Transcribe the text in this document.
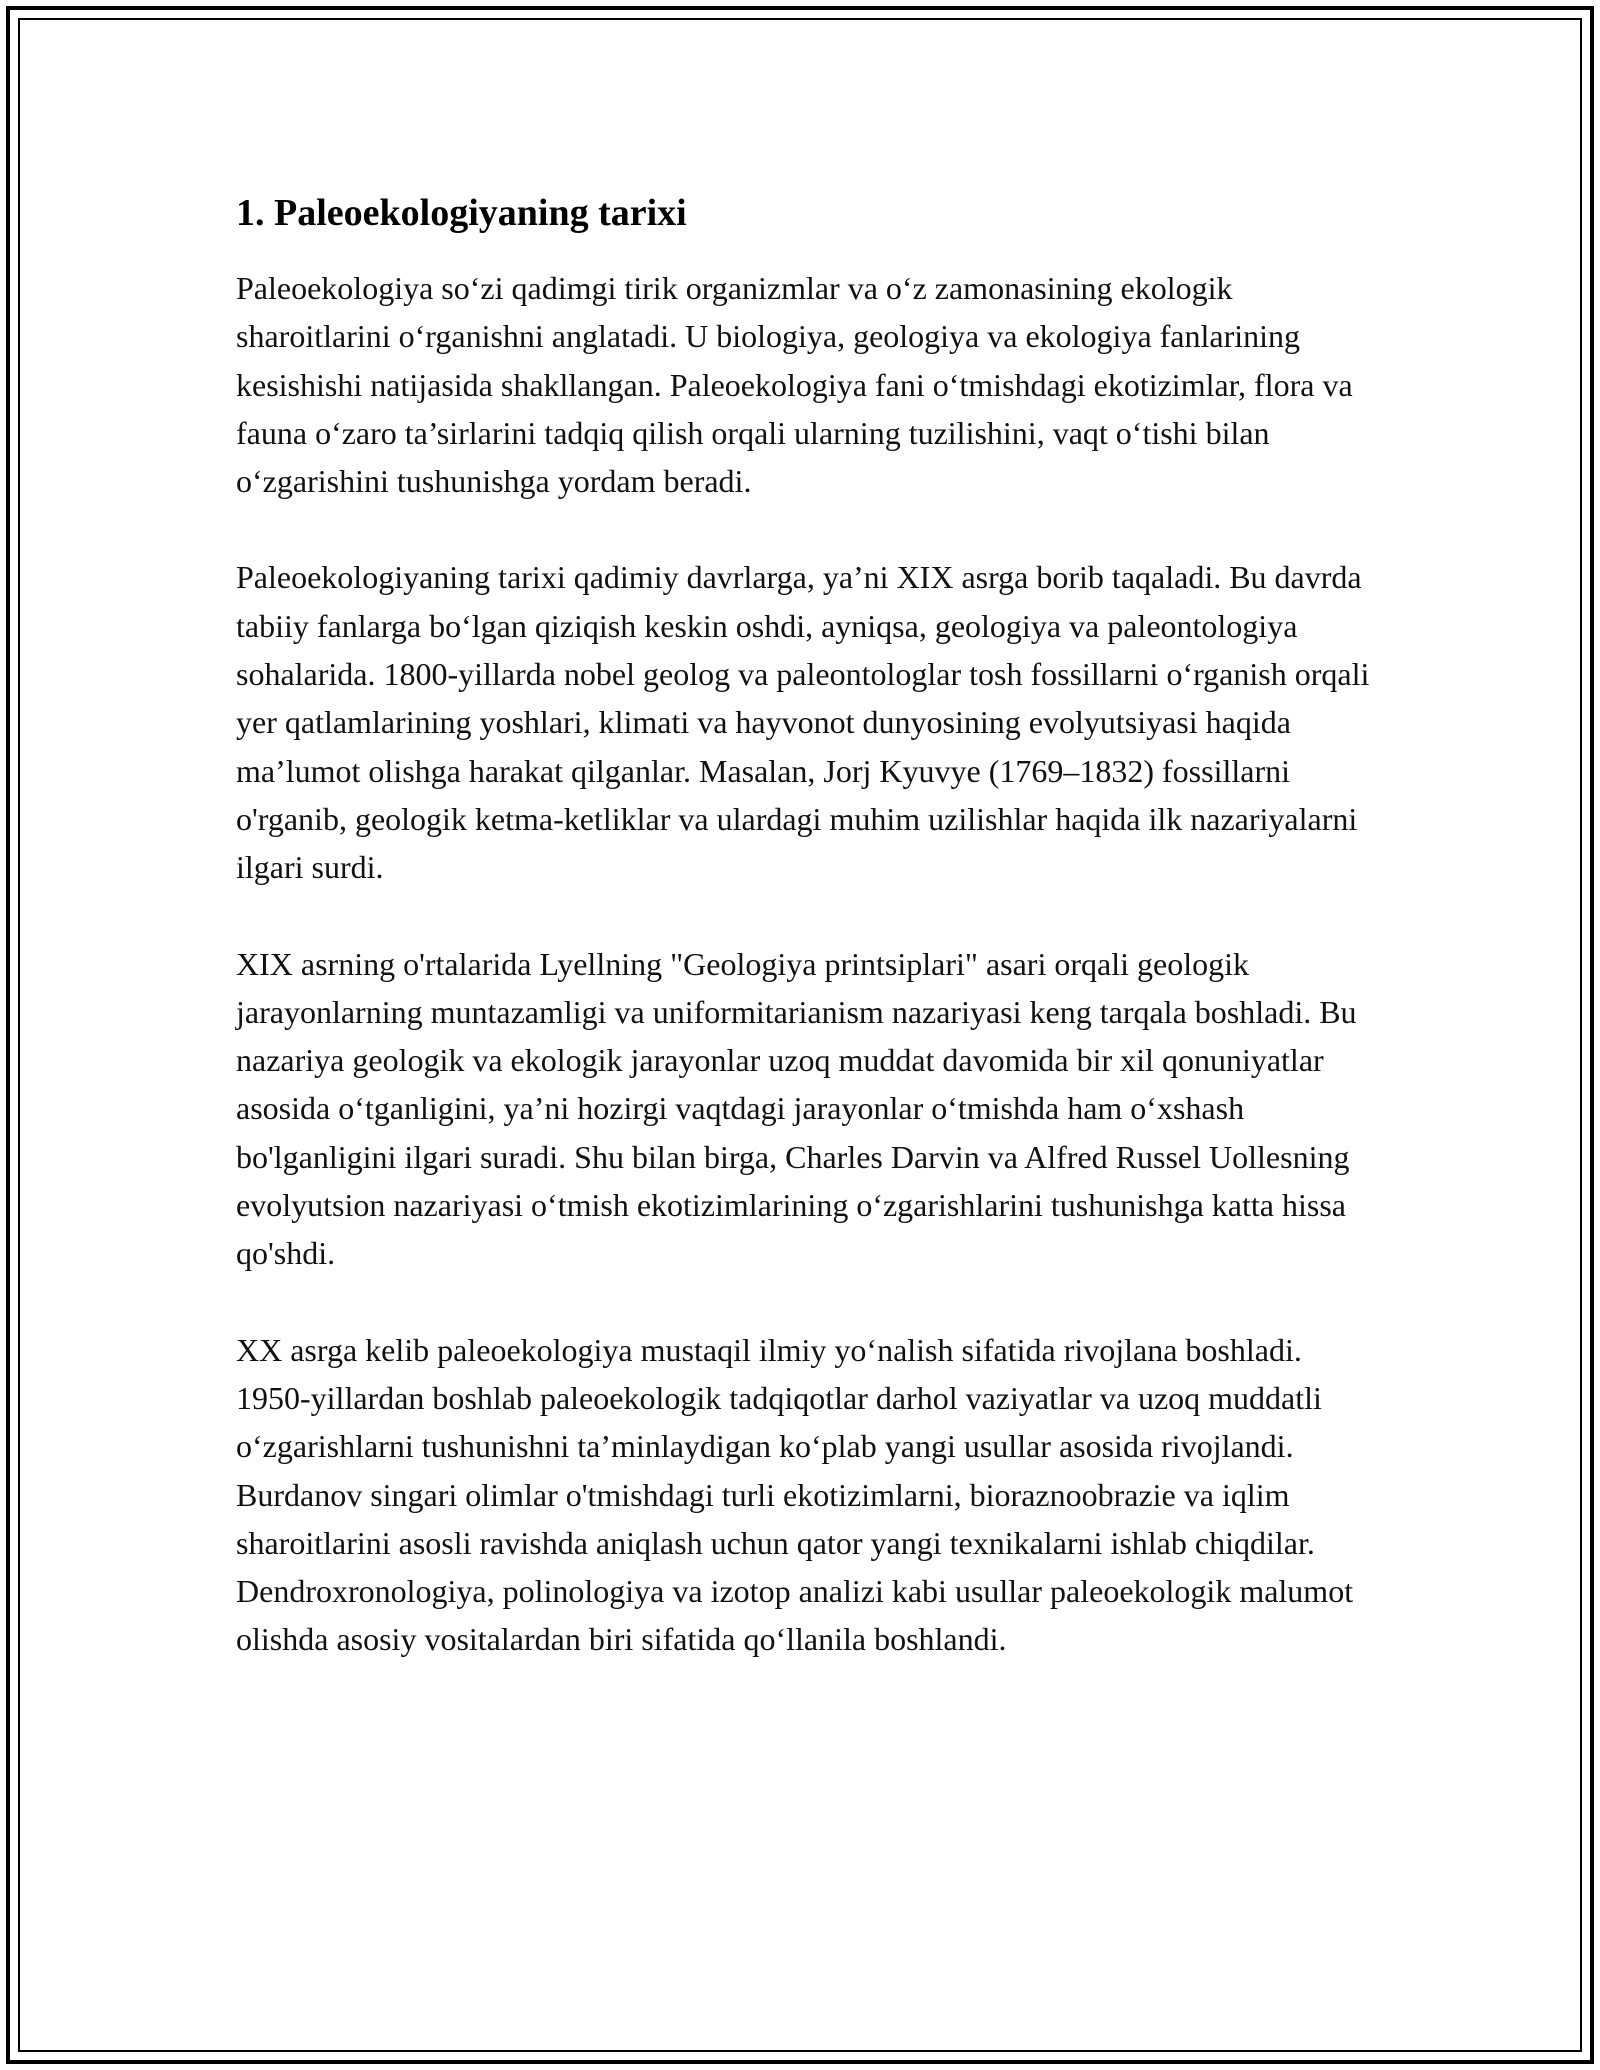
1. Paleoekologiyaning tarixi

Paleoekologiya so‘zi qadimgi tirik organizmlar va o‘z zamonasining ekologik sharoitlarini o‘rganishni anglatadi. U biologiya, geologiya va ekologiya fanlarining kesishishi natijasida shakllangan. Paleoekologiya fani o‘tmishdagi ekotizimlar, flora va fauna o‘zaro ta’sirlarini tadqiq qilish orqali ularning tuzilishini, vaqt o‘tishi bilan o‘zgarishini tushunishga yordam beradi.

Paleoekologiyaning tarixi qadimiy davrlarga, ya’ni XIX asrga borib taqaladi. Bu davrda tabiiy fanlarga bo‘lgan qiziqish keskin oshdi, ayniqsa, geologiya va paleontologiya sohalarida. 1800-yillarda nobel geolog va paleontologlar tosh fossillarni o‘rganish orqali yer qatlamlarining yoshlari, klimati va hayvonot dunyosining evolyutsiyasi haqida ma’lumot olishga harakat qilganlar. Masalan, Jorj Kyuvye (1769–1832) fossillarni o'rganib, geologik ketma-ketliklar va ulardagi muhim uzilishlar haqida ilk nazariyalarni ilgari surdi.

XIX asrning o'rtalarida Lyellning "Geologiya printsiplari" asari orqali geologik jarayonlarning muntazamligi va uniformitarianism nazariyasi keng tarqala boshladi. Bu nazariya geologik va ekologik jarayonlar uzoq muddat davomida bir xil qonuniyatlar asosida o‘tganligini, ya’ni hozirgi vaqtdagi jarayonlar o‘tmishda ham o‘xshash bo'lganligini ilgari suradi. Shu bilan birga, Charles Darvin va Alfred Russel Uollesning evolyutsion nazariyasi o‘tmish ekotizimlarining o‘zgarishlarini tushunishga katta hissa qo'shdi.

XX asrga kelib paleoekologiya mustaqil ilmiy yo‘nalish sifatida rivojlana boshladi. 1950-yillardan boshlab paleoekologik tadqiqotlar darhol vaziyatlar va uzoq muddatli o‘zgarishlarni tushunishni ta’minlaydigan ko‘plab yangi usullar asosida rivojlandi. Burdanov singari olimlar o'tmishdagi turli ekotizimlarni, bioraznoobrazie va iqlim sharoitlarini asosli ravishda aniqlash uchun qator yangi texnikalarni ishlab chiqdilar. Dendroxronologiya, polinologiya va izotop analizi kabi usullar paleoekologik malumot olishda asosiy vositalardan biri sifatida qo‘llanila boshlandi.
